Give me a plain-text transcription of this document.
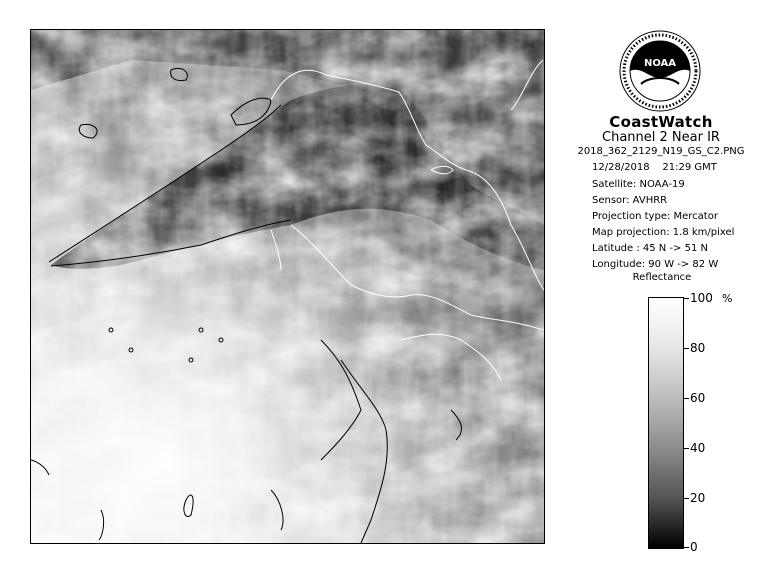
NOAA
CoastWatch
Channel 2 Near IR
2018_362_2129_N19_GS_C2.PNG
12/28/2018 21:29 GMT
Satellite: NOAA-19
Sensor: AVHRR
Projection type: Mercator
Map projection: 1.8 km/pixel
Latitude : 45 N -> 51 N
Longitude: 90 W -> 82 W
Reflectance
%
100
80
60
40
20
0
